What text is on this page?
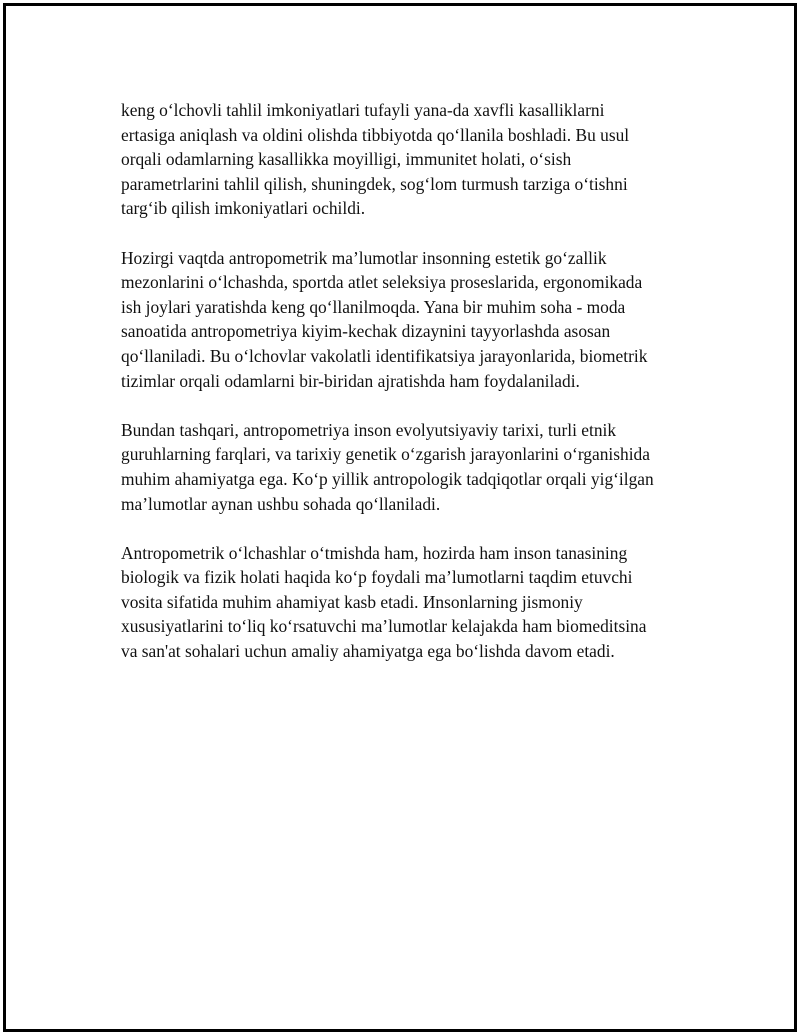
keng o‘lchovli tahlil imkoniyatlari tufayli yana-da xavfli kasalliklarni
ertasiga aniqlash va oldini olishda tibbiyotda qo‘llanila boshladi. Bu usul
orqali odamlarning kasallikka moyilligi, immunitet holati, o‘sish
parametrlarini tahlil qilish, shuningdek, sog‘lom turmush tarziga o‘tishni
targ‘ib qilish imkoniyatlari ochildi.

Hozirgi vaqtda antropometrik ma’lumotlar insonning estetik go‘zallik
mezonlarini o‘lchashda, sportda atlet seleksiya proseslarida, ergonomikada
ish joylari yaratishda keng qo‘llanilmoqda. Yana bir muhim soha - moda
sanoatida antropometriya kiyim-kechak dizaynini tayyorlashda asosan
qo‘llaniladi. Bu o‘lchovlar vakolatli identifikatsiya jarayonlarida, biometrik
tizimlar orqali odamlarni bir-biridan ajratishda ham foydalaniladi.

Bundan tashqari, antropometriya inson evolyutsiyaviy tarixi, turli etnik
guruhlarning farqlari, va tarixiy genetik o‘zgarish jarayonlarini o‘rganishida
muhim ahamiyatga ega. Ko‘p yillik antropologik tadqiqotlar orqali yig‘ilgan
ma’lumotlar aynan ushbu sohada qo‘llaniladi.

Antropometrik o‘lchashlar o‘tmishda ham, hozirda ham inson tanasining
biologik va fizik holati haqida ko‘p foydali ma’lumotlarni taqdim etuvchi
vosita sifatida muhim ahamiyat kasb etadi. Иnsonlarning jismoniy
xususiyatlarini to‘liq ko‘rsatuvchi ma’lumotlar kelajakda ham biomeditsina
va san'at sohalari uchun amaliy ahamiyatga ega bo‘lishda davom etadi.
